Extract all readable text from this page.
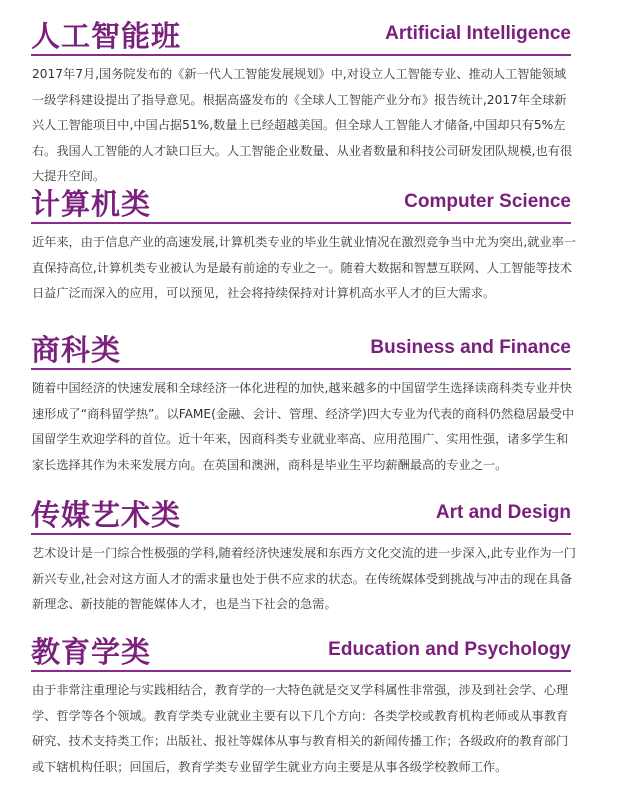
人工智能班	Artificial Intelligence
2017年7月,国务院发布的《新一代人工智能发展规划》中,对设立人工智能专业、推动人工智能领域一级学科建设提出了指导意见。根据高盛发布的《全球人工智能产业分布》报告统计,2017年全球新兴人工智能项目中,中国占据51%,数量上已经超越美国。但全球人工智能人才储备,中国却只有5%左右。我国人工智能的人才缺口巨大。人工智能企业数量、从业者数量和科技公司研发团队规模,也有很大提升空间。
计算机类	Computer Science
近年来，由于信息产业的高速发展,计算机类专业的毕业生就业情况在激烈竞争当中尤为突出,就业率一直保持高位,计算机类专业被认为是最有前途的专业之一。随着大数据和智慧互联网、人工智能等技术日益广泛而深入的应用，可以预见，社会将持续保持对计算机高水平人才的巨大需求。
商科类	Business and Finance
随着中国经济的快速发展和全球经济一体化进程的加快,越来越多的中国留学生选择读商科类专业并快速形成了“商科留学热”。以FAME(金融、会计、管理、经济学)四大专业为代表的商科仍然稳居最受中国留学生欢迎学科的首位。近十年来，因商科类专业就业率高、应用范围广、实用性强，诸多学生和家长选择其作为未来发展方向。在英国和澳洲，商科是毕业生平均薪酬最高的专业之一。
传媒艺术类	Art and Design
艺术设计是一门综合性极强的学科,随着经济快速发展和东西方文化交流的进一步深入,此专业作为一门新兴专业,社会对这方面人才的需求量也处于供不应求的状态。在传统媒体受到挑战与冲击的现在具备新理念、新技能的智能媒体人才，也是当下社会的急需。
教育学类	Education and Psychology
由于非常注重理论与实践相结合，教育学的一大特色就是交叉学科属性非常强，涉及到社会学、心理学、哲学等各个领域。教育学类专业就业主要有以下几个方向：各类学校或教育机构老师或从事教育研究、技术支持类工作；出版社、报社等媒体从事与教育相关的新闻传播工作；各级政府的教育部门或下辖机构任职；回国后，教育学类专业留学生就业方向主要是从事各级学校教师工作。
